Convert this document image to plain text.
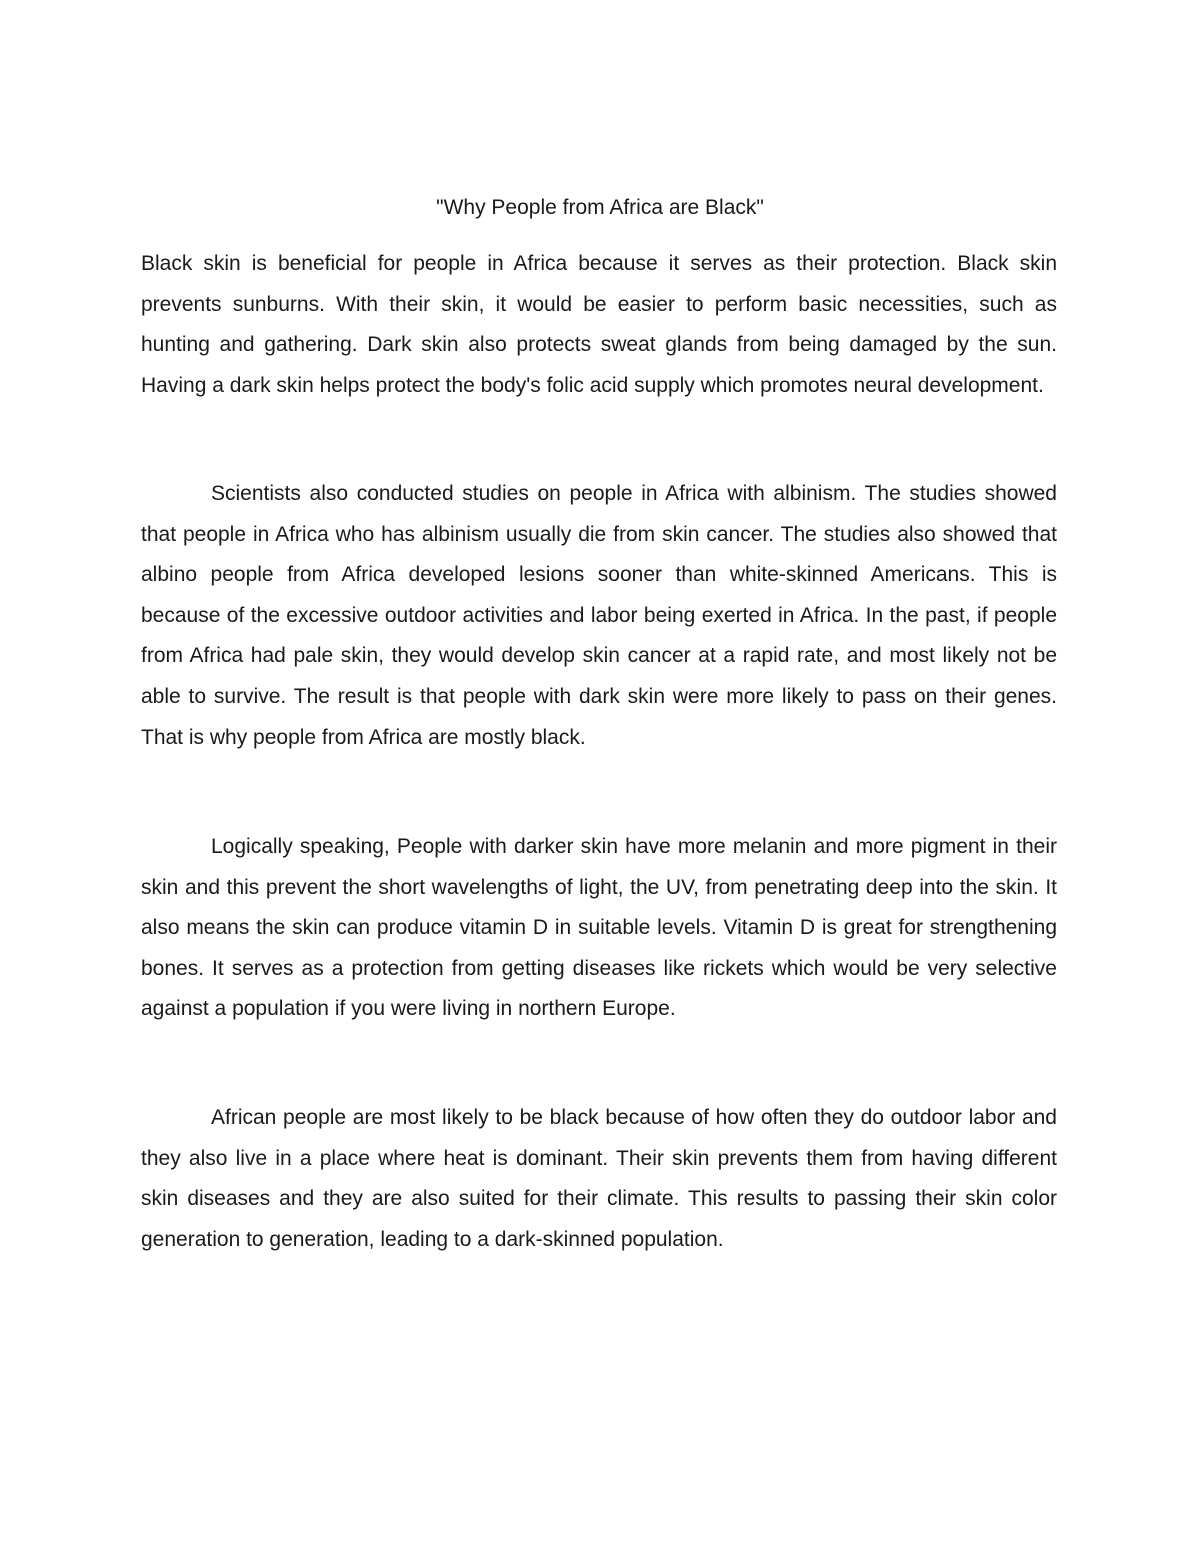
"Why People from Africa are Black"

Black skin is beneficial for people in Africa because it serves as their protection. Black skin prevents sunburns. With their skin, it would be easier to perform basic necessities, such as hunting and gathering. Dark skin also protects sweat glands from being damaged by the sun. Having a dark skin helps protect the body's folic acid supply which promotes neural development.

Scientists also conducted studies on people in Africa with albinism. The studies showed that people in Africa who has albinism usually die from skin cancer. The studies also showed that albino people from Africa developed lesions sooner than white-skinned Americans. This is because of the excessive outdoor activities and labor being exerted in Africa. In the past, if people from Africa had pale skin, they would develop skin cancer at a rapid rate, and most likely not be able to survive. The result is that people with dark skin were more likely to pass on their genes. That is why people from Africa are mostly black.

Logically speaking, People with darker skin have more melanin and more pigment in their skin and this prevent the short wavelengths of light, the UV, from penetrating deep into the skin. It also means the skin can produce vitamin D in suitable levels. Vitamin D is great for strengthening bones. It serves as a protection from getting diseases like rickets which would be very selective against a population if you were living in northern Europe.

African people are most likely to be black because of how often they do outdoor labor and they also live in a place where heat is dominant. Their skin prevents them from having different skin diseases and they are also suited for their climate. This results to passing their skin color generation to generation, leading to a dark-skinned population.
